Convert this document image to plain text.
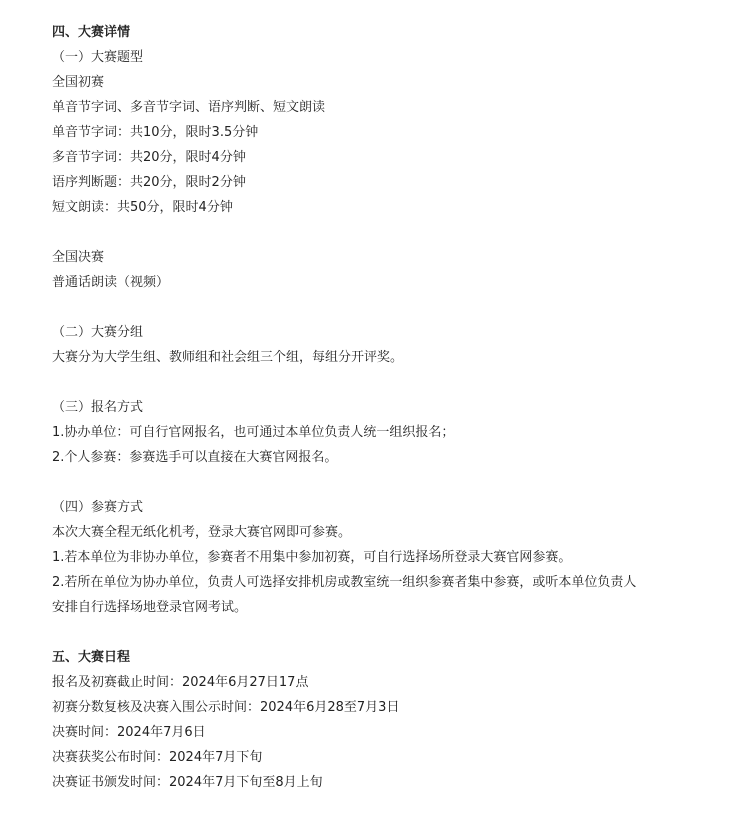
四、大赛详情
（一）大赛题型
全国初赛
单音节字词、多音节字词、语序判断、短文朗读
单音节字词：共10分，限时3.5分钟
多音节字词：共20分，限时4分钟
语序判断题：共20分，限时2分钟
短文朗读：共50分，限时4分钟
全国决赛
普通话朗读（视频）
（二）大赛分组
大赛分为大学生组、教师组和社会组三个组，每组分开评奖。
（三）报名方式
1.协办单位：可自行官网报名，也可通过本单位负责人统一组织报名；
2.个人参赛：参赛选手可以直接在大赛官网报名。
（四）参赛方式
本次大赛全程无纸化机考，登录大赛官网即可参赛。
1.若本单位为非协办单位，参赛者不用集中参加初赛，可自行选择场所登录大赛官网参赛。
2.若所在单位为协办单位，负责人可选择安排机房或教室统一组织参赛者集中参赛，或听本单位负责人
安排自行选择场地登录官网考试。
五、大赛日程
报名及初赛截止时间：2024年6月27日17点
初赛分数复核及决赛入围公示时间：2024年6月28至7月3日
决赛时间：2024年7月6日
决赛获奖公布时间：2024年7月下旬
决赛证书颁发时间：2024年7月下旬至8月上旬
